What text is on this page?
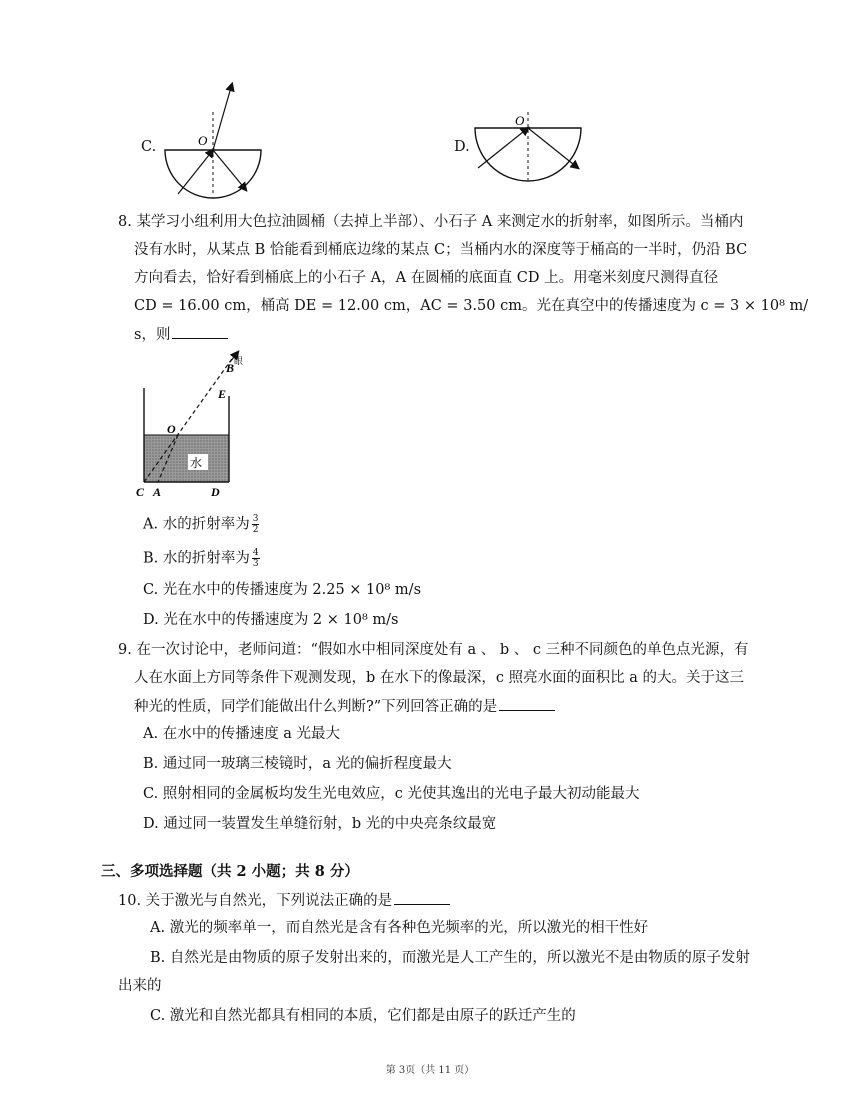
C.	O	D.
O
8. 某学习小组利用大色拉油圆桶（去掉上半部）、小石子 A 来测定水的折射率，如图所示。当桶内
没有水时，从某点 B 恰能看到桶底边缘的某点 C；当桶内水的深度等于桶高的一半时，仍沿 BC
方向看去，恰好看到桶底上的小石子 A，A 在圆桶的底面直 CD 上。用毫米刻度尺测得直径
CD = 16.00 cm，桶高 DE = 12.00 cm，AC = 3.50 cm。光在真空中的传播速度为 c = 3 × 10⁸ m/
s，则
水
B
E
O
C A	D
眼
A. 水的折射率为 $\frac{3}{2}$
B. 水的折射率为 $\frac{4}{3}$
C. 光在水中的传播速度为 2.25 × 10⁸ m/s
D. 光在水中的传播速度为 2 × 10⁸ m/s
9. 在一次讨论中，老师问道：“假如水中相同深度处有 a 、 b 、 c 三种不同颜色的单色点光源，有
人在水面上方同等条件下观测发现，b 在水下的像最深，c 照亮水面的面积比 a 的大。关于这三
种光的性质，同学们能做出什么判断?”下列回答正确的是
A. 在水中的传播速度 a 光最大
B. 通过同一玻璃三棱镜时，a 光的偏折程度最大
C. 照射相同的金属板均发生光电效应，c 光使其逸出的光电子最大初动能最大
D. 通过同一装置发生单缝衍射，b 光的中央亮条纹最宽
三、多项选择题（共 2 小题；共 8 分）
10. 关于激光与自然光，下列说法正确的是
A. 激光的频率单一，而自然光是含有各种色光频率的光，所以激光的相干性好
B. 自然光是由物质的原子发射出来的，而激光是人工产生的，所以激光不是由物质的原子发射
出来的
C. 激光和自然光都具有相同的本质，它们都是由原子的跃迁产生的
第 3页（共 11 页）
